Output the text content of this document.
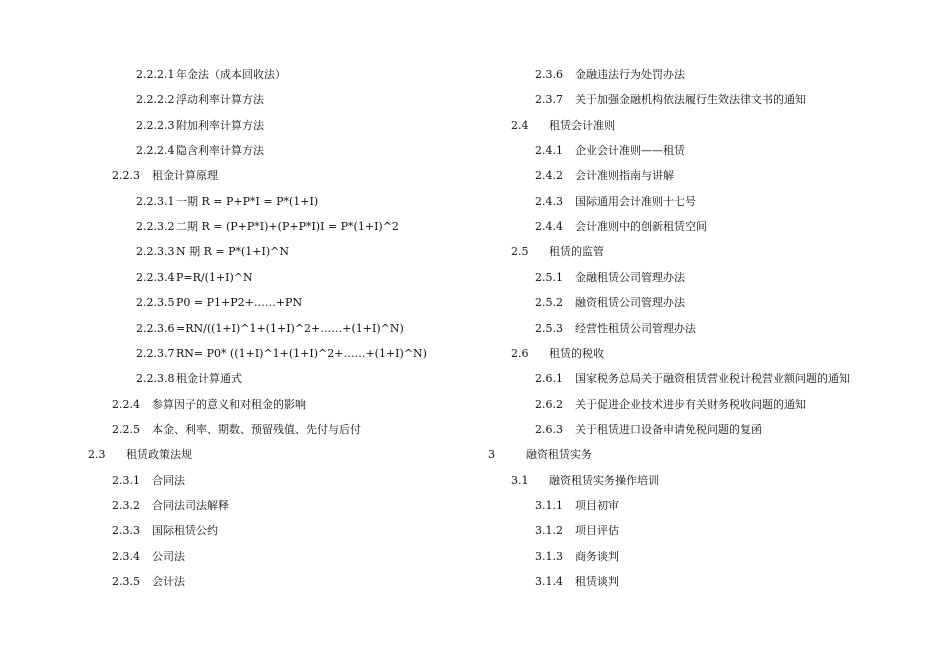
2.2.2.1 年金法（成本回收法）
2.2.2.2 浮动利率计算方法
2.2.2.3 附加利率计算方法
2.2.2.4 隐含利率计算方法
2.2.3 租金计算原理
2.2.3.1 一期 R = P+P*I = P*(1+I)
2.2.3.2 二期 R = (P+P*I)+(P+P*I)I = P*(1+I)^2
2.2.3.3 N 期 R = P*(1+I)^N
2.2.3.4 P=R/(1+I)^N
2.2.3.5 P0 = P1+P2+……+PN
2.2.3.6 =RN/((1+I)^1+(1+I)^2+……+(1+I)^N)
2.2.3.7 RN= P0* ((1+I)^1+(1+I)^2+……+(1+I)^N)
2.2.3.8 租金计算通式
2.2.4 参算因子的意义和对租金的影响
2.2.5 本金、利率、期数、预留残值、先付与后付
2.3 租赁政策法规
2.3.1 合同法
2.3.2 合同法司法解释
2.3.3 国际租赁公约
2.3.4 公司法
2.3.5 会计法
2.3.6 金融违法行为处罚办法
2.3.7 关于加强金融机构依法履行生效法律文书的通知
2.4 租赁会计准则
2.4.1 企业会计准则——租赁
2.4.2 会计准则指南与讲解
2.4.3 国际通用会计准则十七号
2.4.4 会计准则中的创新租赁空间
2.5 租赁的监管
2.5.1 金融租赁公司管理办法
2.5.2 融资租赁公司管理办法
2.5.3 经营性租赁公司管理办法
2.6 租赁的税收
2.6.1 国家税务总局关于融资租赁营业税计税营业额问题的通知
2.6.2 关于促进企业技术进步有关财务税收问题的通知
2.6.3 关于租赁进口设备申请免税问题的复函
3	融资租赁实务
3.1 融资租赁实务操作培训
3.1.1 项目初审
3.1.2 项目评估
3.1.3 商务谈判
3.1.4 租赁谈判
